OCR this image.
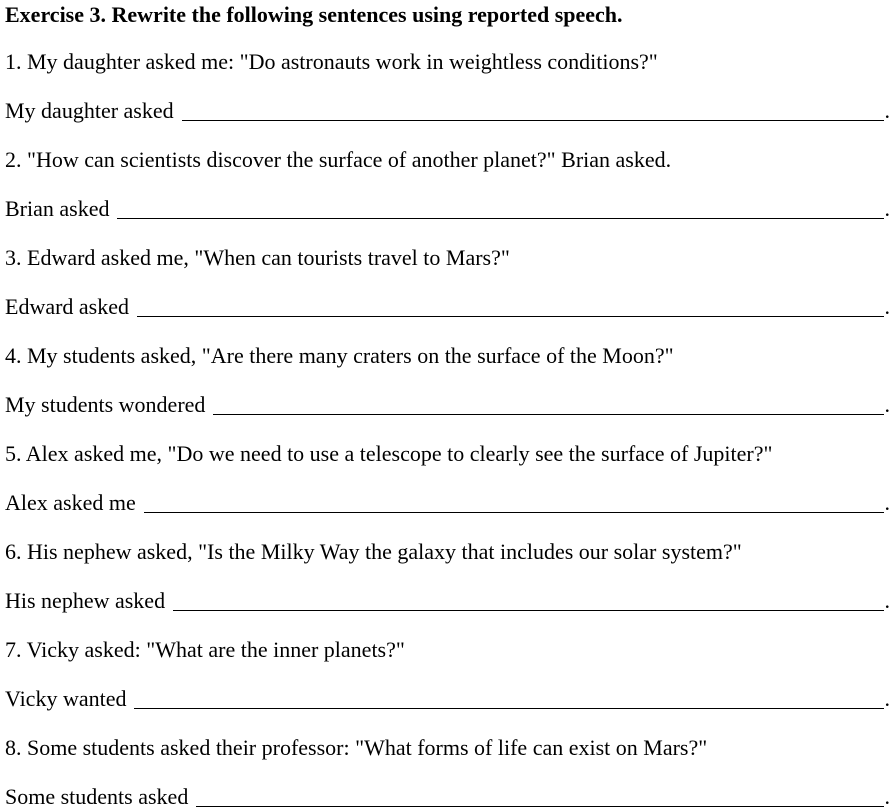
Exercise 3. Rewrite the following sentences using reported speech.
1. My daughter asked me: "Do astronauts work in weightless conditions?"
My daughter asked	.
2. "How can scientists discover the surface of another planet?" Brian asked.
Brian asked	.
3. Edward asked me, "When can tourists travel to Mars?"
Edward asked	.
4. My students asked, "Are there many craters on the surface of the Moon?"
My students wondered	.
5. Alex asked me, "Do we need to use a telescope to clearly see the surface of Jupiter?"
Alex asked me	.
6. His nephew asked, "Is the Milky Way the galaxy that includes our solar system?"
His nephew asked	.
7. Vicky asked: "What are the inner planets?"
Vicky wanted	.
8. Some students asked their professor: "What forms of life can exist on Mars?"
Some students asked	.
